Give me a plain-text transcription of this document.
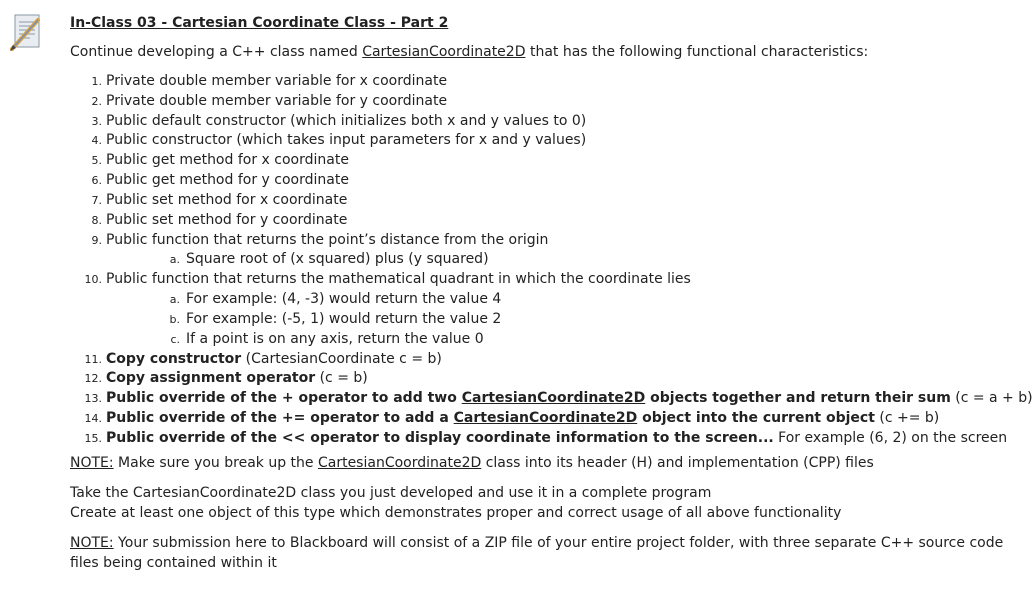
In-Class 03 - Cartesian Coordinate Class - Part 2
Continue developing a C++ class named CartesianCoordinate2D that has the following functional characteristics:
1. Private double member variable for x coordinate
2. Private double member variable for y coordinate
3. Public default constructor (which initializes both x and y values to 0)
4. Public constructor (which takes input parameters for x and y values)
5. Public get method for x coordinate
6. Public get method for y coordinate
7. Public set method for x coordinate
8. Public set method for y coordinate
9. Public function that returns the point’s distance from the origin
a. Square root of (x squared) plus (y squared)
10. Public function that returns the mathematical quadrant in which the coordinate lies
a. For example: (4, -3) would return the value 4
b. For example: (-5, 1) would return the value 2
c. If a point is on any axis, return the value 0
11. Copy constructor (CartesianCoordinate c = b)
12. Copy assignment operator (c = b)
13. Public override of the + operator to add two CartesianCoordinate2D objects together and return their sum (c = a + b)
14. Public override of the += operator to add a CartesianCoordinate2D object into the current object (c += b)
15. Public override of the << operator to display coordinate information to the screen... For example (6, 2) on the screen
NOTE: Make sure you break up the CartesianCoordinate2D class into its header (H) and implementation (CPP) files
Take the CartesianCoordinate2D class you just developed and use it in a complete program
Create at least one object of this type which demonstrates proper and correct usage of all above functionality
NOTE: Your submission here to Blackboard will consist of a ZIP file of your entire project folder, with three separate C++ source code files being contained within it
